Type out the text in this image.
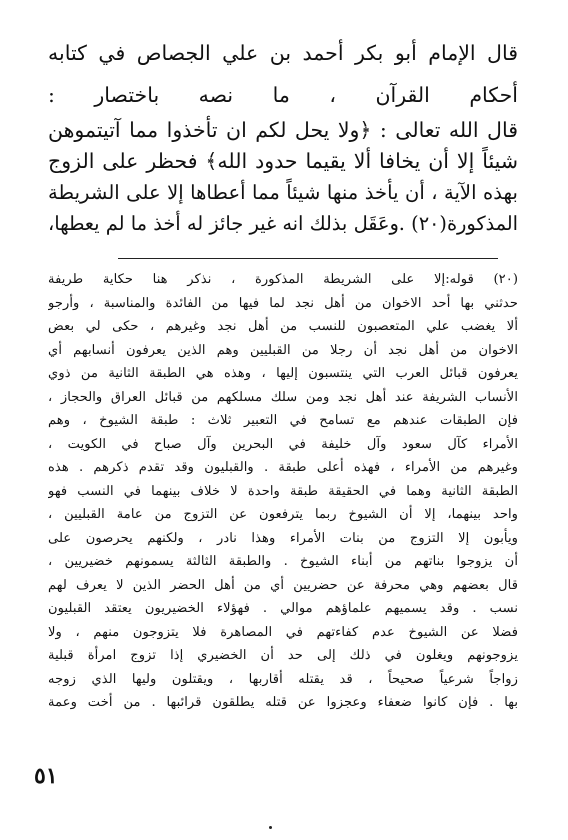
قال الإمام أبو بكر أحمد بن علي الجصاص في كتابه
أحكام القرآن ، ما نصه باختصار :
قال الله تعالى : ﴿ولا يحل لكم ان تأخذوا مما آتيتموهن
شيئاً إلا أن يخافا ألا يقيما حدود الله﴾ فحظر على الزوج
بهذه الآية ، أن يأخذ منها شيئاً مما أعطاها إلا على الشريطة
المذكورة(٢٠) .وعَقَل بذلك انه غير جائز له أخذ ما لم يعطها،
(٢٠) قوله:إلا على الشريطة المذكورة ، نذكر هنا حكاية طريفة
حدثني بها أحد الاخوان من أهل نجد لما فيها من الفائدة والمناسبة ، وأرجو
ألا يغضب علي المتعصبون للنسب من أهل نجد وغيرهم ، حكى لي بعض
الاخوان من أهل نجد أن رجلا من القبليين وهم الذين يعرفون أنسابهم أي
يعرفون قبائل العرب التي ينتسبون إليها ، وهذه هي الطبقة الثانية من ذوي
الأنساب الشريفة عند أهل نجد ومن سلك مسلكهم من قبائل العراق والحجاز ،
فإن الطبقات عندهم مع تسامح في التعبير ثلاث : طبقة الشيوخ ، وهم
الأمراء كآل سعود وآل خليفة في البحرين وآل صباح في الكويت ،
وغيرهم من الأمراء ، فهذه أعلى طبقة . والقبليون وقد تقدم ذكرهم . هذه
الطبقة الثانية وهما في الحقيقة طبقة واحدة لا خلاف بينهما في النسب فهو
واحد بينهما، إلا أن الشيوخ ربما يترفعون عن التزوج من عامة القبليين ،
ويأبون إلا التزوج من بنات الأمراء وهذا نادر ، ولكنهم يحرصون على
أن يزوجوا بناتهم من أبناء الشيوخ . والطبقة الثالثة يسمونهم خضيريين ،
قال بعضهم وهي محرفة عن حضريين أي من أهل الحضر الذين لا يعرف لهم
نسب . وقد يسميهم علماؤهم موالي . فهؤلاء الخضيريون يعتقد القبليون
فضلا عن الشيوخ عدم كفاءتهم في المصاهرة فلا يتزوجون منهم ، ولا
يزوجونهم ويغلون في ذلك إلى حد أن الخضيري إذا تزوج امرأة قبلية
زواجاً شرعياً صحيحاً ، قد يقتله أقاربها ، ويقتلون وليها الذي زوجه
بها . فإن كانوا ضعفاء وعجزوا عن قتله يطلقون قرائبها . من أخت وعمة
٥١
